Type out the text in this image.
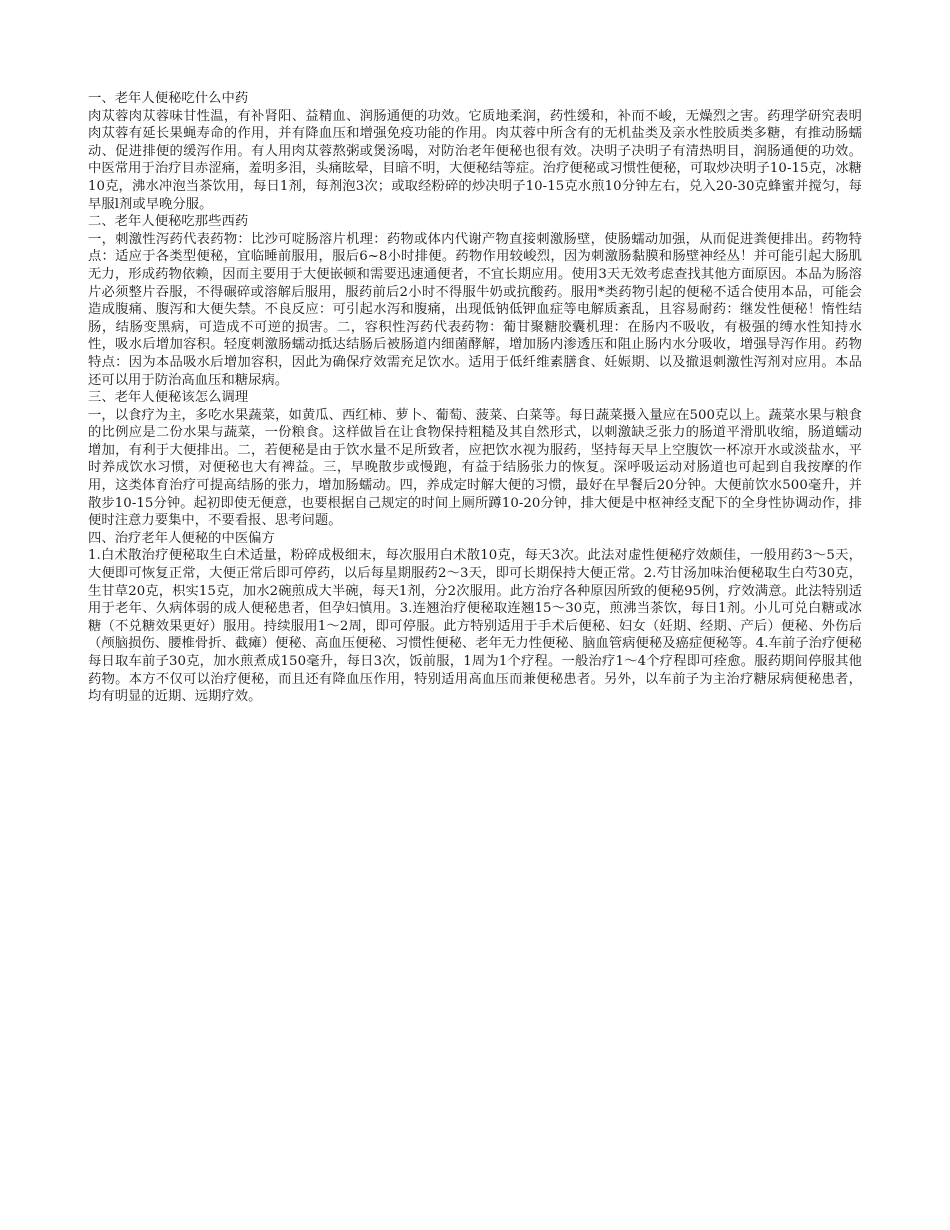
一、老年人便秘吃什么中药

肉苁蓉肉苁蓉味甘性温，有补肾阳、益精血、润肠通便的功效。它质地柔润，药性缓和，补而不峻，无燥烈之害。药理学研究表明肉苁蓉有延长果蝇寿命的作用，并有降血压和增强免疫功能的作用。肉苁蓉中所含有的无机盐类及亲水性胶质类多糖，有推动肠蠕动、促进排便的缓泻作用。有人用肉苁蓉熬粥或煲汤喝，对防治老年便秘也很有效。决明子决明子有清热明目，润肠通便的功效。中医常用于治疗目赤涩痛，羞明多泪，头痛眩晕，目暗不明，大便秘结等症。治疗便秘或习惯性便秘，可取炒决明子10-15克，冰糖10克，沸水冲泡当茶饮用，每日1剂，每剂泡3次；或取经粉碎的炒决明子10-15克水煎10分钟左右，兑入20-30克蜂蜜并搅匀，每早服l剂或早晚分服。

二、老年人便秘吃那些西药

一，刺激性泻药代表药物：比沙可啶肠溶片机理：药物或体内代谢产物直接刺激肠壁，使肠蠕动加强，从而促进粪便排出。药物特点：适应于各类型便秘，宜临睡前服用，服后6~8小时排便。药物作用较峻烈，因为刺激肠黏膜和肠壁神经丛！并可能引起大肠肌无力，形成药物依赖，因而主要用于大便嵌顿和需要迅速通便者，不宜长期应用。使用3天无效考虑查找其他方面原因。本品为肠溶片必须整片吞服，不得碾碎或溶解后服用，服药前后2小时不得服牛奶或抗酸药。服用*类药物引起的便秘不适合使用本品，可能会造成腹痛、腹泻和大便失禁。不良反应：可引起水泻和腹痛，出现低钠低钾血症等电解质紊乱，且容易耐药：继发性便秘！惰性结肠，结肠变黑病，可造成不可逆的损害。二，容积性泻药代表药物：葡甘聚糖胶囊机理：在肠内不吸收，有极强的缚水性知持水性，吸水后增加容积。轻度刺激肠蠕动抵达结肠后被肠道内细菌酵解，增加肠内渗透压和阻止肠内水分吸收，增强导泻作用。药物特点：因为本品吸水后增加容积，因此为确保疗效需充足饮水。适用于低纤维素膳食、妊娠期、以及撤退刺激性泻剂对应用。本品还可以用于防治高血压和糖尿病。

三、老年人便秘该怎么调理

一，以食疗为主，多吃水果蔬菜，如黄瓜、西红柿、萝卜、葡萄、菠菜、白菜等。每日蔬菜摄入量应在500克以上。蔬菜水果与粮食的比例应是二份水果与蔬菜，一份粮食。这样做旨在让食物保持粗糙及其自然形式，以刺激缺乏张力的肠道平滑肌收缩，肠道蠕动增加，有利于大便排出。二，若便秘是由于饮水量不足所致者，应把饮水视为服药，坚持每天早上空腹饮一杯凉开水或淡盐水，平时养成饮水习惯，对便秘也大有裨益。三，早晚散步或慢跑，有益于结肠张力的恢复。深呼吸运动对肠道也可起到自我按摩的作用，这类体育治疗可提高结肠的张力，增加肠蠕动。四，养成定时解大便的习惯，最好在早餐后20分钟。大便前饮水500毫升，并散步10-15分钟。起初即使无便意，也要根据自己规定的时间上厕所蹲10-20分钟，排大便是中枢神经支配下的全身性协调动作，排便时注意力要集中，不要看报、思考问题。

四、治疗老年人便秘的中医偏方

1.白术散治疗便秘取生白术适量，粉碎成极细末，每次服用白术散10克，每天3次。此法对虚性便秘疗效颇佳，一般用药3～5天，大便即可恢复正常，大便正常后即可停药，以后每星期服药2～3天，即可长期保持大便正常。2.芍甘汤加味治便秘取生白芍30克，生甘草20克，枳实15克，加水2碗煎成大半碗，每天1剂，分2次服用。此方治疗各种原因所致的便秘95例，疗效满意。此法特别适用于老年、久病体弱的成人便秘患者，但孕妇慎用。3.连翘治疗便秘取连翘15～30克，煎沸当茶饮，每日1剂。小儿可兑白糖或冰糖（不兑糖效果更好）服用。持续服用1～2周，即可停服。此方特别适用于手术后便秘、妇女（妊期、经期、产后）便秘、外伤后（颅脑损伤、腰椎骨折、截瘫）便秘、高血压便秘、习惯性便秘、老年无力性便秘、脑血管病便秘及癌症便秘等。4.车前子治疗便秘每日取车前子30克，加水煎煮成150毫升，每日3次，饭前服，1周为1个疗程。一般治疗1～4个疗程即可痊愈。服药期间停服其他药物。本方不仅可以治疗便秘，而且还有降血压作用，特别适用高血压而兼便秘患者。另外，以车前子为主治疗糖尿病便秘患者，均有明显的近期、远期疗效。
